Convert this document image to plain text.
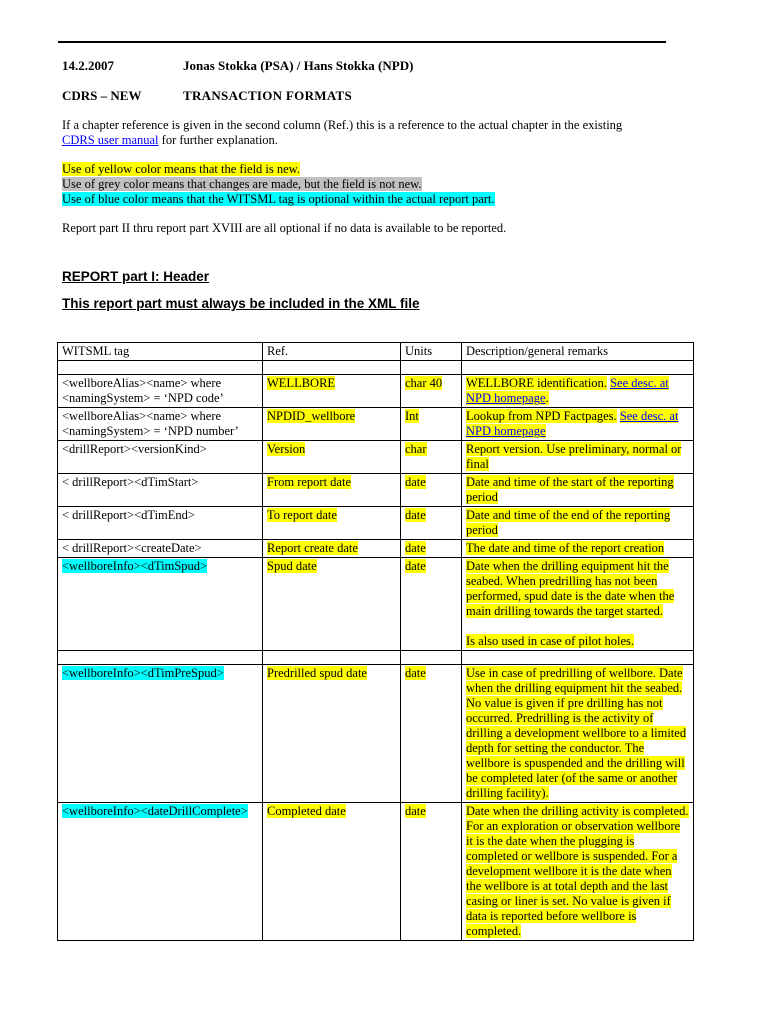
14.2.2007	Jonas Stokka (PSA) / Hans Stokka (NPD)
CDRS – NEW	TRANSACTION FORMATS
If a chapter reference is given in the second column (Ref.) this is a reference to the actual chapter in the existing
CDRS user manual for further explanation.
Use of yellow color means that the field is new.
Use of grey color means that changes are made, but the field is not new.
Use of blue color means that the WITSML tag is optional within the actual report part.
Report part II thru report part XVIII are all optional if no data is available to be reported.
REPORT part I: Header
This report part must always be included in the XML file
WITSML tag	Ref.	Units	Description/general remarks

<wellboreAlias><name> where <namingSystem> = ‘NPD code’	WELLBORE	char 40	WELLBORE identification. See desc. at NPD homepage.
<wellboreAlias><name> where <namingSystem> = ‘NPD number’	NPDID_wellbore	Int	Lookup from NPD Factpages. See desc. at NPD homepage
<drillReport><versionKind>	Version	char	Report version. Use preliminary, normal or final
< drillReport><dTimStart>	From report date	date	Date and time of the start of the reporting period
< drillReport><dTimEnd>	To report date	date	Date and time of the end of the reporting period
< drillReport><createDate>	Report create date	date	The date and time of the report creation
<wellboreInfo><dTimSpud>	Spud date	date	Date when the drilling equipment hit the seabed. When predrilling has not been performed, spud date is the date when the main drilling towards the target started.

Is also used in case of pilot holes.

<wellboreInfo><dTimPreSpud>	Predrilled spud date	date	Use in case of predrilling of wellbore. Date when the drilling equipment hit the seabed. No value is given if pre drilling has not occurred. Predrilling is the activity of drilling a development wellbore to a limited depth for setting the conductor. The wellbore is spuspended and the drilling will be completed later (of the same or another drilling facility).
<wellboreInfo><dateDrillComplete>	Completed date	date	Date when the drilling activity is completed. For an exploration or observation wellbore it is the date when the plugging is completed or wellbore is suspended. For a development wellbore it is the date when the wellbore is at total depth and the last casing or liner is set. No value is given if data is reported before wellbore is completed.
